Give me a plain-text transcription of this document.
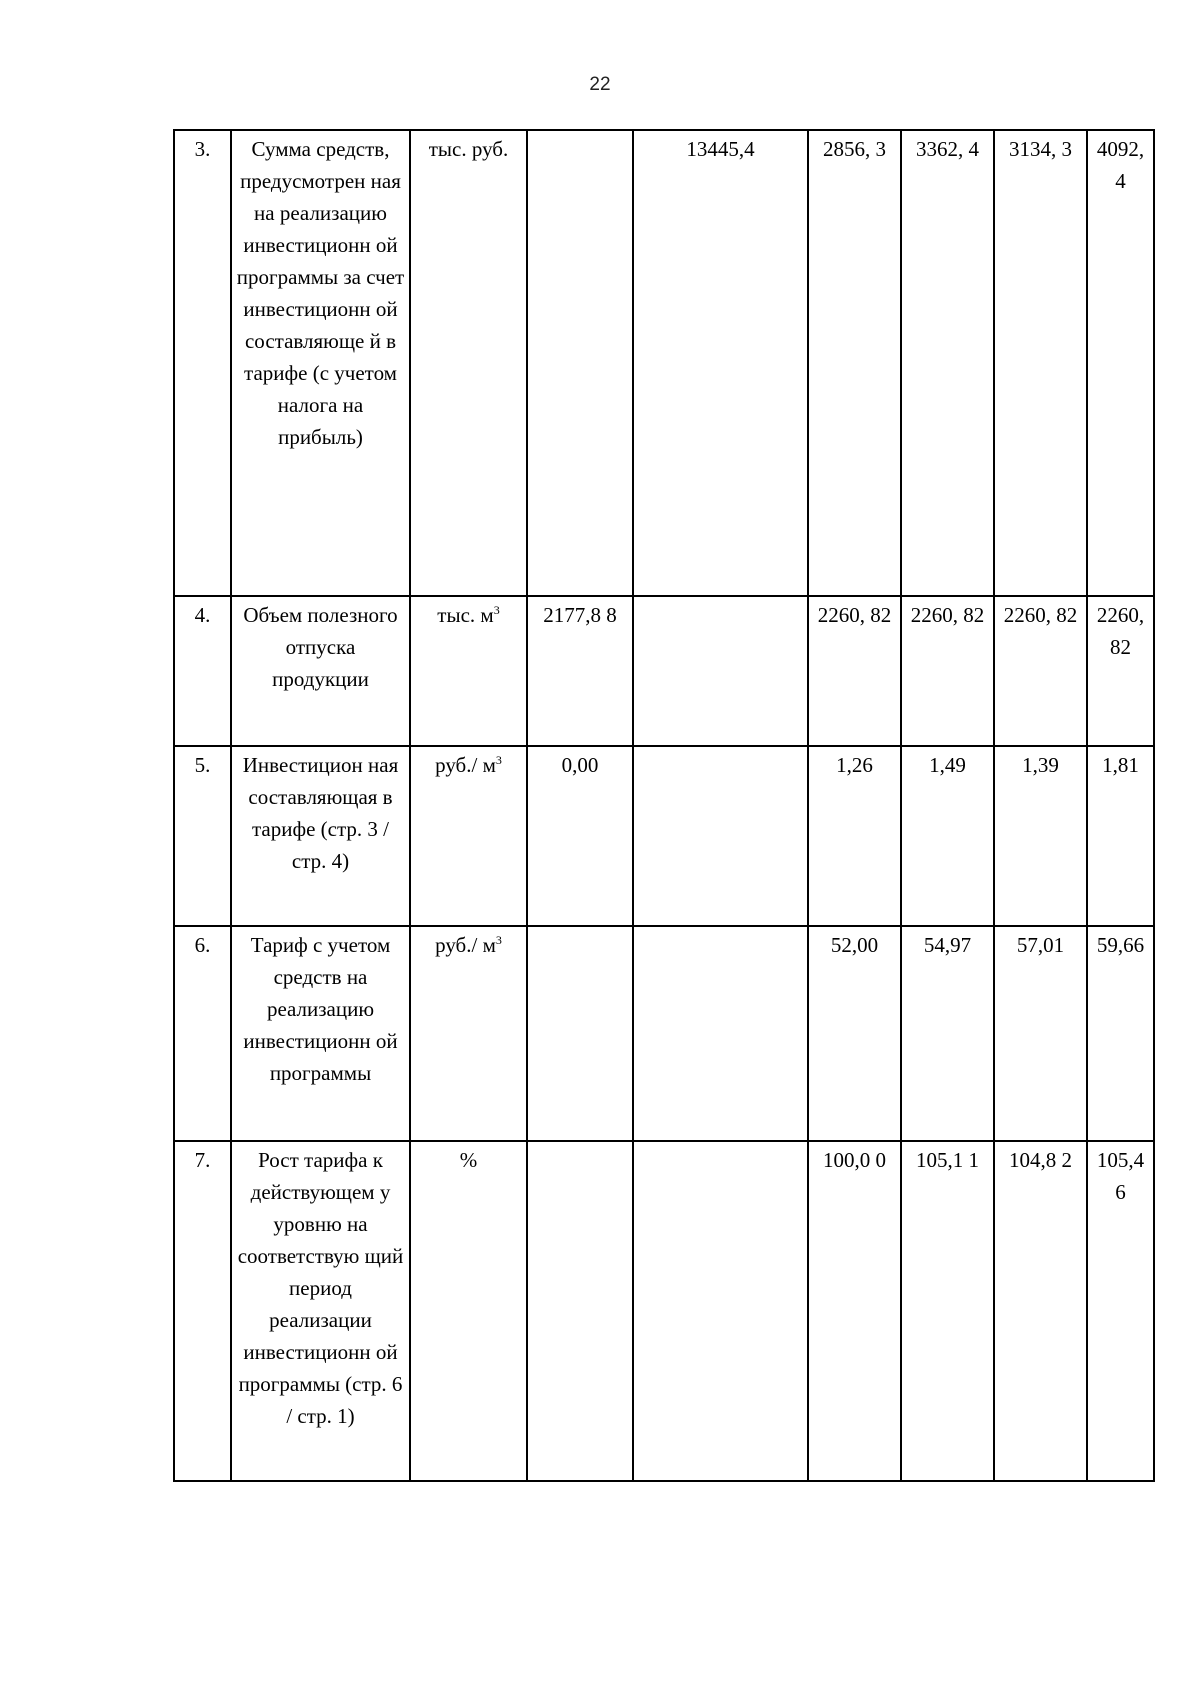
22
3.	Сумма средств, предусмотрен ная на реализацию инвестиционн ой программы за счет инвестиционн ой составляюще й в тарифе (с учетом налога на прибыль)	тыс. руб.		13445,4	2856, 3	3362, 4	3134, 3	4092, 4
4.	Объем полезного отпуска продукции	тыс. $м^3$	2177,8 8		2260, 82	2260, 82	2260, 82	2260, 82
5.	Инвестицион ная составляющая в тарифе (стр. 3 / стр. 4)	руб./ $м^3$	0,00		1,26	1,49	1,39	1,81

6.	Тариф с учетом средств на реализацию инвестиционн ой программы	руб./ $м^3$			52,00	54,97	57,01	59,66
7.	Рост тарифа к действующем у уровню на соответствую щий период реализации инвестиционн ой программы (стр. 6 / стр. 1)	%			100,0 0	105,1 1	104,8 2	105,4 6
